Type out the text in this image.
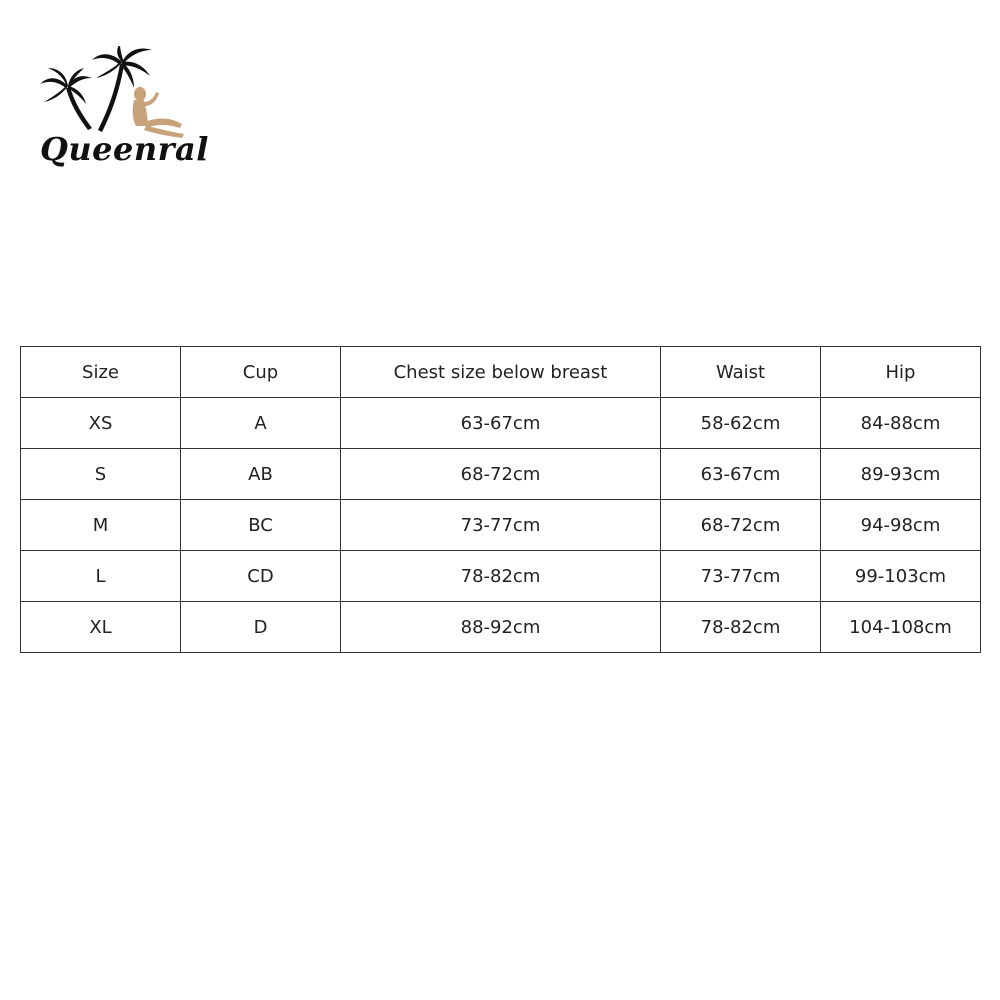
Queenral
Size	Cup	Chest size below breast	Waist	Hip
XS	A	63-67cm	58-62cm	84-88cm
S	AB	68-72cm	63-67cm	89-93cm
M	BC	73-77cm	68-72cm	94-98cm
L	CD	78-82cm	73-77cm	99-103cm
XL	D	88-92cm	78-82cm	104-108cm
